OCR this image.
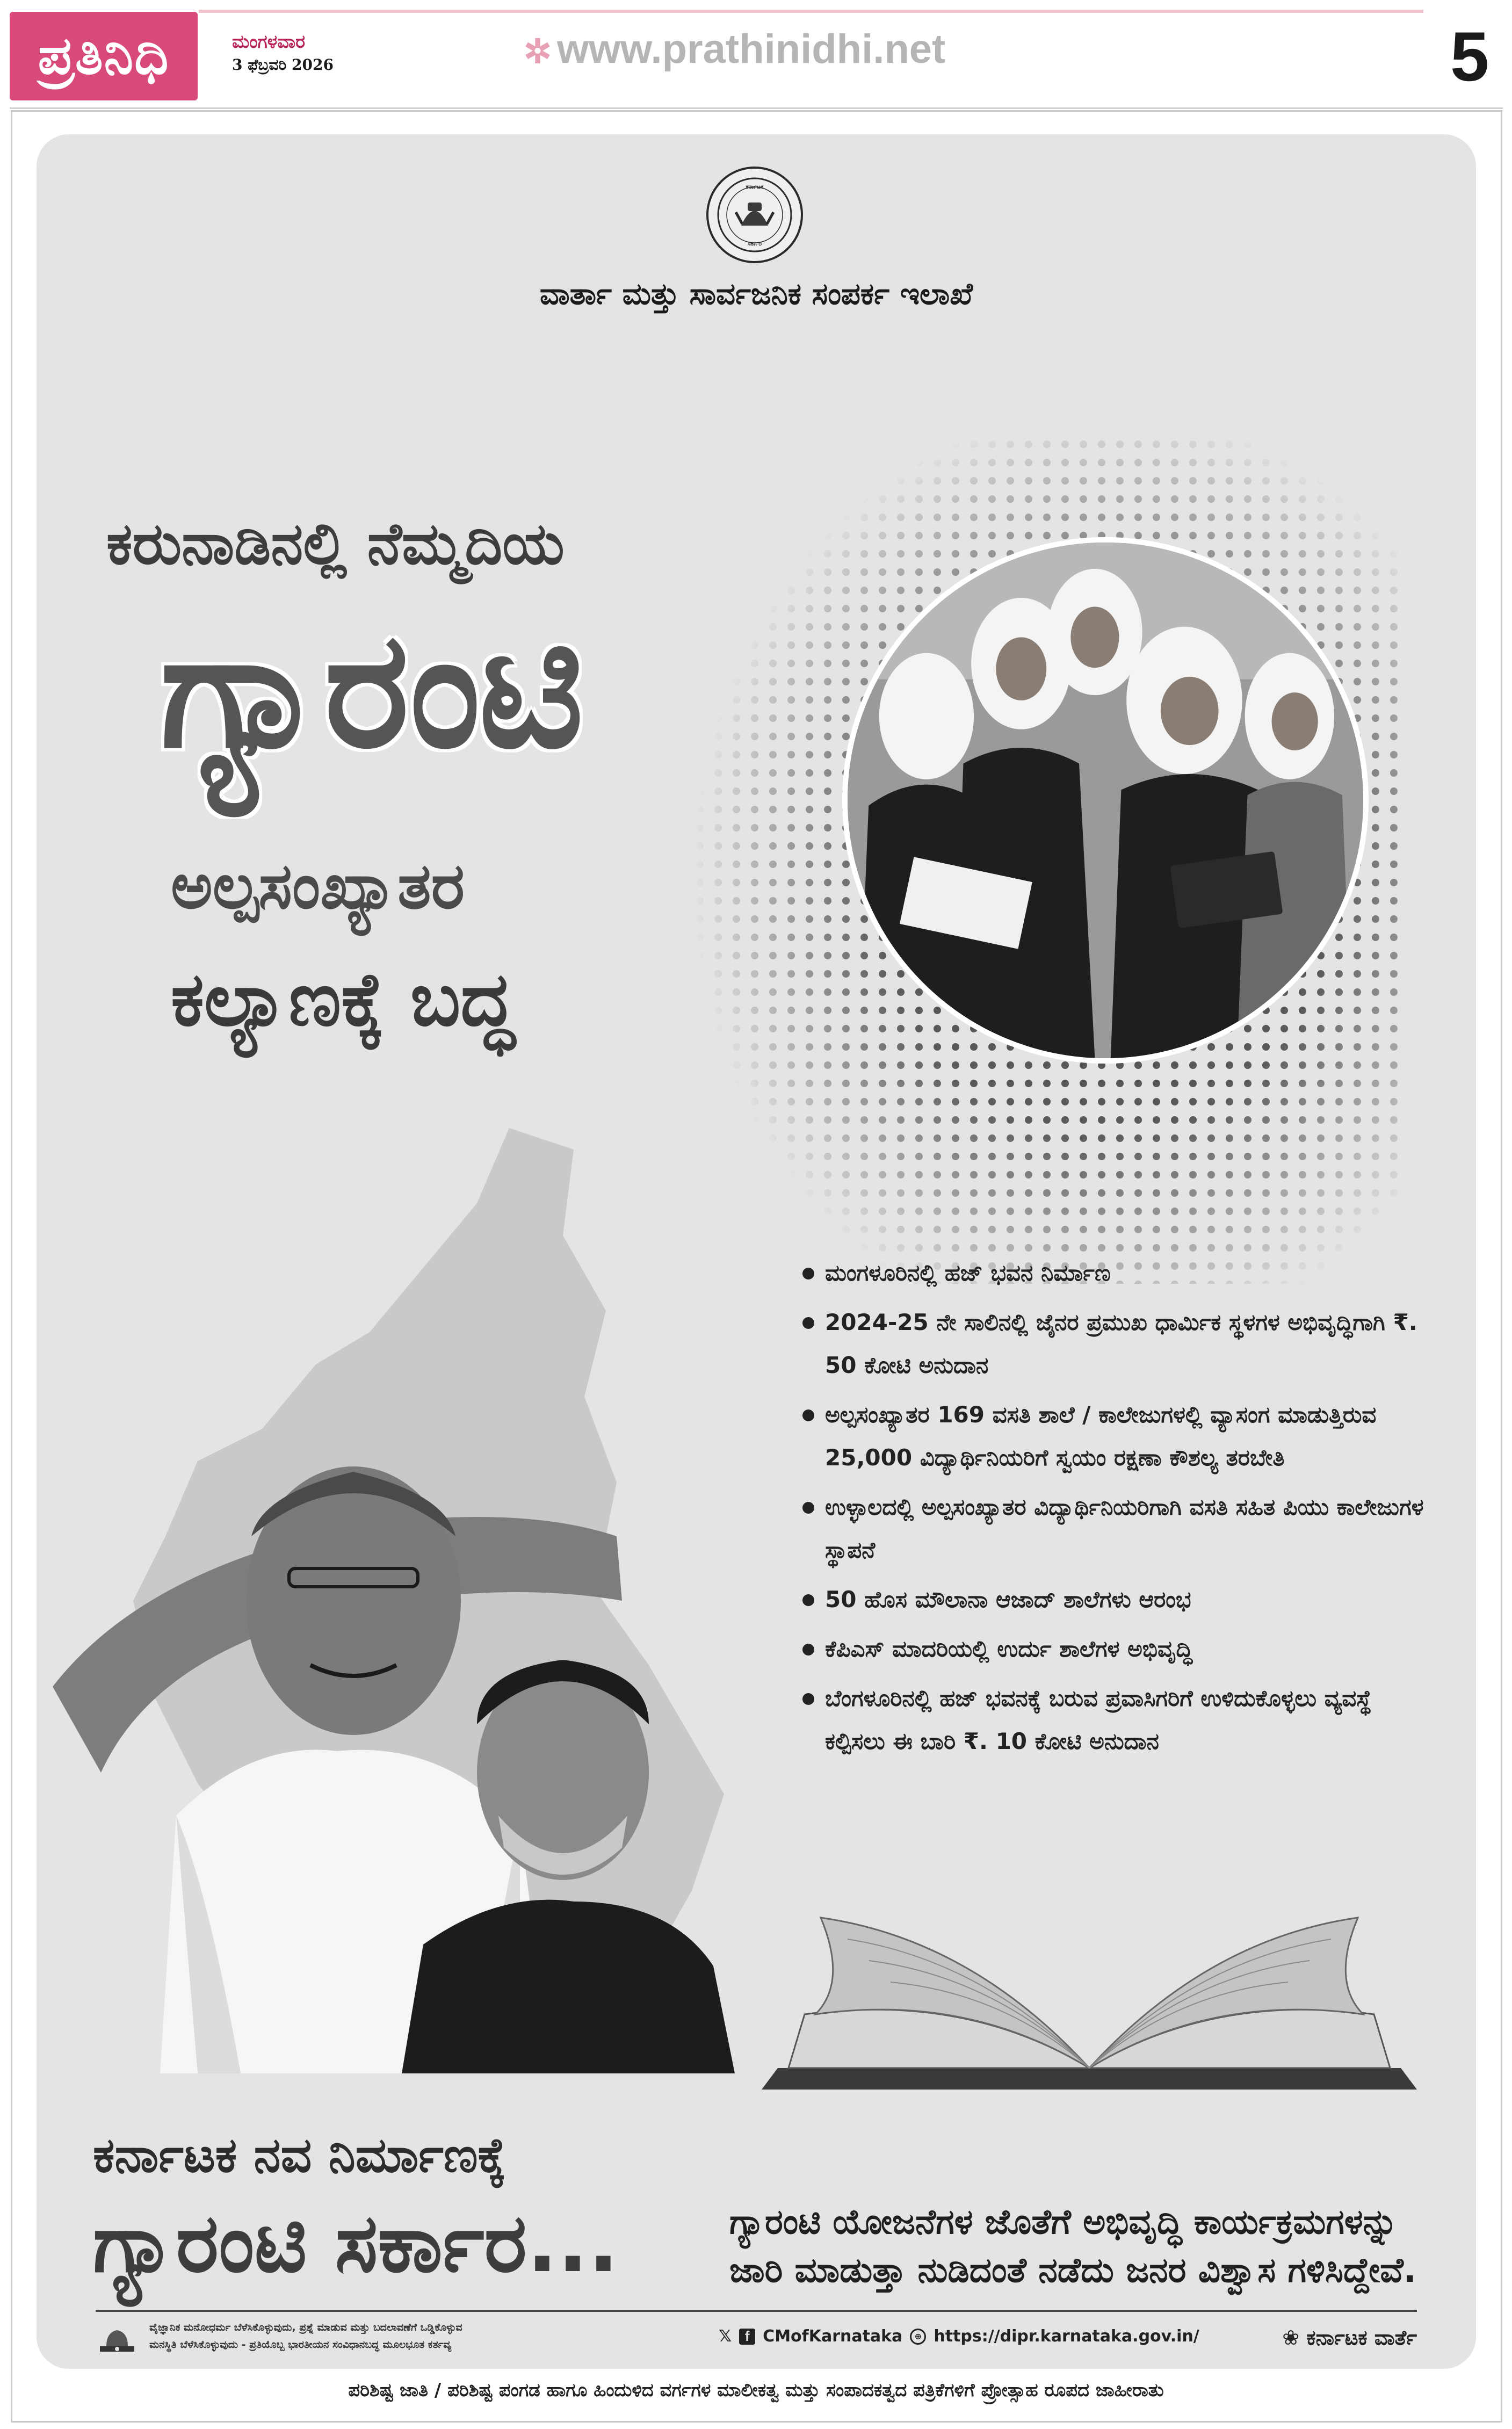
ಪ್ರತಿನಿಧಿ	ಮಂಗಳವಾರ
3 ಫೆಬ್ರವರಿ 2026	✲ www.prathinidhi.net	5
ಕರ್ನಾಟಕ
ಸರ್ಕಾರ
ವಾರ್ತಾ ಮತ್ತು ಸಾರ್ವಜನಿಕ ಸಂಪರ್ಕ ಇಲಾಖೆ
ಕರುನಾಡಿನಲ್ಲಿ ನೆಮ್ಮದಿಯ
ಗ್ಯಾರಂಟಿ
ಅಲ್ಪಸಂಖ್ಯಾತರ
ಕಲ್ಯಾಣಕ್ಕೆ ಬದ್ಧ
ಮಂಗಳೂರಿನಲ್ಲಿ ಹಜ್ ಭವನ ನಿರ್ಮಾಣ
2024-25 ನೇ ಸಾಲಿನಲ್ಲಿ ಜೈನರ ಪ್ರಮುಖ ಧಾರ್ಮಿಕ ಸ್ಥಳಗಳ ಅಭಿವೃದ್ಧಿಗಾಗಿ ₹. 50 ಕೋಟಿ ಅನುದಾನ
ಅಲ್ಪಸಂಖ್ಯಾತರ 169 ವಸತಿ ಶಾಲೆ / ಕಾಲೇಜುಗಳಲ್ಲಿ ವ್ಯಾಸಂಗ ಮಾಡುತ್ತಿರುವ 25,000 ವಿದ್ಯಾರ್ಥಿನಿಯರಿಗೆ ಸ್ವಯಂ ರಕ್ಷಣಾ ಕೌಶಲ್ಯ ತರಬೇತಿ
ಉಳ್ಳಾಲದಲ್ಲಿ ಅಲ್ಪಸಂಖ್ಯಾತರ ವಿದ್ಯಾರ್ಥಿನಿಯರಿಗಾಗಿ ವಸತಿ ಸಹಿತ ಪಿಯು ಕಾಲೇಜುಗಳ ಸ್ಥಾಪನೆ
50 ಹೊಸ ಮೌಲಾನಾ ಆಜಾದ್ ಶಾಲೆಗಳು ಆರಂಭ
ಕೆಪಿಎಸ್ ಮಾದರಿಯಲ್ಲಿ ಉರ್ದು ಶಾಲೆಗಳ ಅಭಿವೃದ್ಧಿ
ಬೆಂಗಳೂರಿನಲ್ಲಿ ಹಜ್ ಭವನಕ್ಕೆ ಬರುವ ಪ್ರವಾಸಿಗರಿಗೆ ಉಳಿದುಕೊಳ್ಳಲು ವ್ಯವಸ್ಥೆ ಕಲ್ಪಿಸಲು ಈ ಬಾರಿ ₹. 10 ಕೋಟಿ ಅನುದಾನ
ಕರ್ನಾಟಕ ನವ ನಿರ್ಮಾಣಕ್ಕೆ
ಗ್ಯಾರಂಟಿ ಸರ್ಕಾರ...	ಗ್ಯಾರಂಟಿ ಯೋಜನೆಗಳ ಜೊತೆಗೆ ಅಭಿವೃದ್ಧಿ ಕಾರ್ಯಕ್ರಮಗಳನ್ನು
ಜಾರಿ ಮಾಡುತ್ತಾ ನುಡಿದಂತೆ ನಡೆದು ಜನರ ವಿಶ್ವಾಸ ಗಳಿಸಿದ್ದೇವೆ.
ವೈಜ್ಞಾನಿಕ ಮನೋಧರ್ಮ ಬೆಳೆಸಿಕೊಳ್ಳುವುದು, ಪ್ರಶ್ನೆ ಮಾಡುವ ಮತ್ತು ಬದಲಾವಣೆಗೆ ಒಡ್ಡಿಕೊಳ್ಳುವ
ಮನಸ್ಥಿತಿ ಬೆಳೆಸಿಕೊಳ್ಳುವುದು - ಪ್ರತಿಯೊಬ್ಬ ಭಾರತೀಯನ ಸಂವಿಧಾನಬದ್ಧ ಮೂಲಭೂತ ಕರ್ತವ್ಯ	𝕏 f CMofKarnataka	⊕ https://dipr.karnataka.gov.in/	❀ ಕರ್ನಾಟಕ ವಾರ್ತೆ
ಪರಿಶಿಷ್ಟ ಜಾತಿ / ಪರಿಶಿಷ್ಟ ಪಂಗಡ ಹಾಗೂ ಹಿಂದುಳಿದ ವರ್ಗಗಳ ಮಾಲೀಕತ್ವ ಮತ್ತು ಸಂಪಾದಕತ್ವದ ಪತ್ರಿಕೆಗಳಿಗೆ ಪ್ರೋತ್ಸಾಹ ರೂಪದ ಜಾಹೀರಾತು
